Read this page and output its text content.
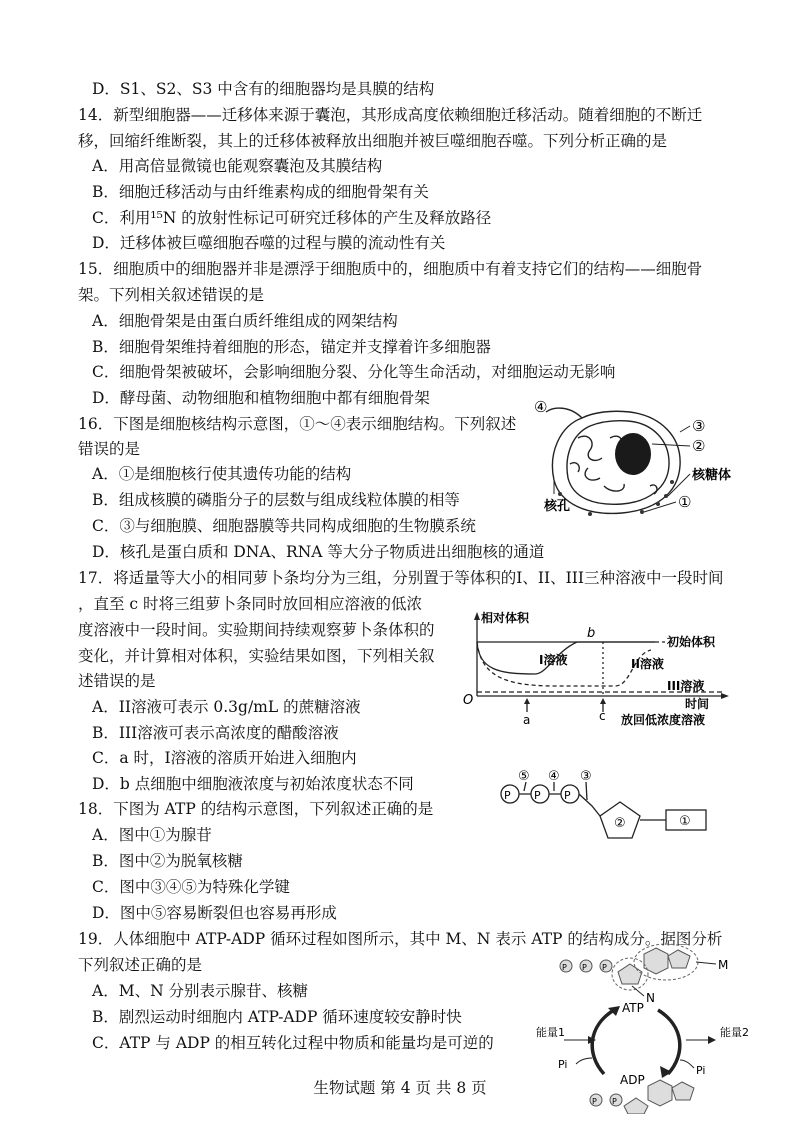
D．S1、S2、S3 中含有的细胞器均是具膜的结构
14．新型细胞器——迁移体来源于囊泡，其形成高度依赖细胞迁移活动。随着细胞的不断迁
移，回缩纤维断裂，其上的迁移体被释放出细胞并被巨噬细胞吞噬。下列分析正确的是
A．用高倍显微镜也能观察囊泡及其膜结构
B．细胞迁移活动与由纤维素构成的细胞骨架有关
C．利用¹⁵N 的放射性标记可研究迁移体的产生及释放路径
D．迁移体被巨噬细胞吞噬的过程与膜的流动性有关
15．细胞质中的细胞器并非是漂浮于细胞质中的，细胞质中有着支持它们的结构——细胞骨
架。下列相关叙述错误的是
A．细胞骨架是由蛋白质纤维组成的网架结构
B．细胞骨架维持着细胞的形态，锚定并支撑着许多细胞器
C．细胞骨架被破坏，会影响细胞分裂、分化等生命活动，对细胞运动无影响
D．酵母菌、动物细胞和植物细胞中都有细胞骨架
16．下图是细胞核结构示意图，①～④表示细胞结构。下列叙述
错误的是
A．①是细胞核行使其遗传功能的结构
B．组成核膜的磷脂分子的层数与组成线粒体膜的相等
C．③与细胞膜、细胞器膜等共同构成细胞的生物膜系统
D．核孔是蛋白质和 DNA、RNA 等大分子物质进出细胞核的通道
17．将适量等大小的相同萝卜条均分为三组，分别置于等体积的I、II、III三种溶液中一段时间
，直至 c 时将三组萝卜条同时放回相应溶液的低浓
度溶液中一段时间。实验期间持续观察萝卜条体积的
变化，并计算相对体积，实验结果如图，下列相关叙
述错误的是
A．II溶液可表示 0.3g/mL 的蔗糖溶液
B．III溶液可表示高浓度的醋酸溶液
C．a 时，I溶液的溶质开始进入细胞内
D．b 点细胞中细胞液浓度与初始浓度状态不同
18．下图为 ATP 的结构示意图，下列叙述正确的是
A．图中①为腺苷
B．图中②为脱氧核糖
C．图中③④⑤为特殊化学键
D．图中⑤容易断裂但也容易再形成
19．人体细胞中 ATP-ADP 循环过程如图所示，其中 M、N 表示 ATP 的结构成分。据图分析
下列叙述正确的是
A．M、N 分别表示腺苷、核糖
B．剧烈运动时细胞内 ATP-ADP 循环速度较安静时快
C．ATP 与 ADP 的相互转化过程中物质和能量均是可逆的
④
③
②
核糖体
①
核孔
相对体积
b
初始体积
I溶液	II溶液
III溶液
O
a	c
时间
放回低浓度溶液
P P P
⑤ ④ ③
②	①
P P P
P P
M
N
ATP
ADP
能量1	能量2
Pi	Pi
生物试题 第 4 页 共 8 页
